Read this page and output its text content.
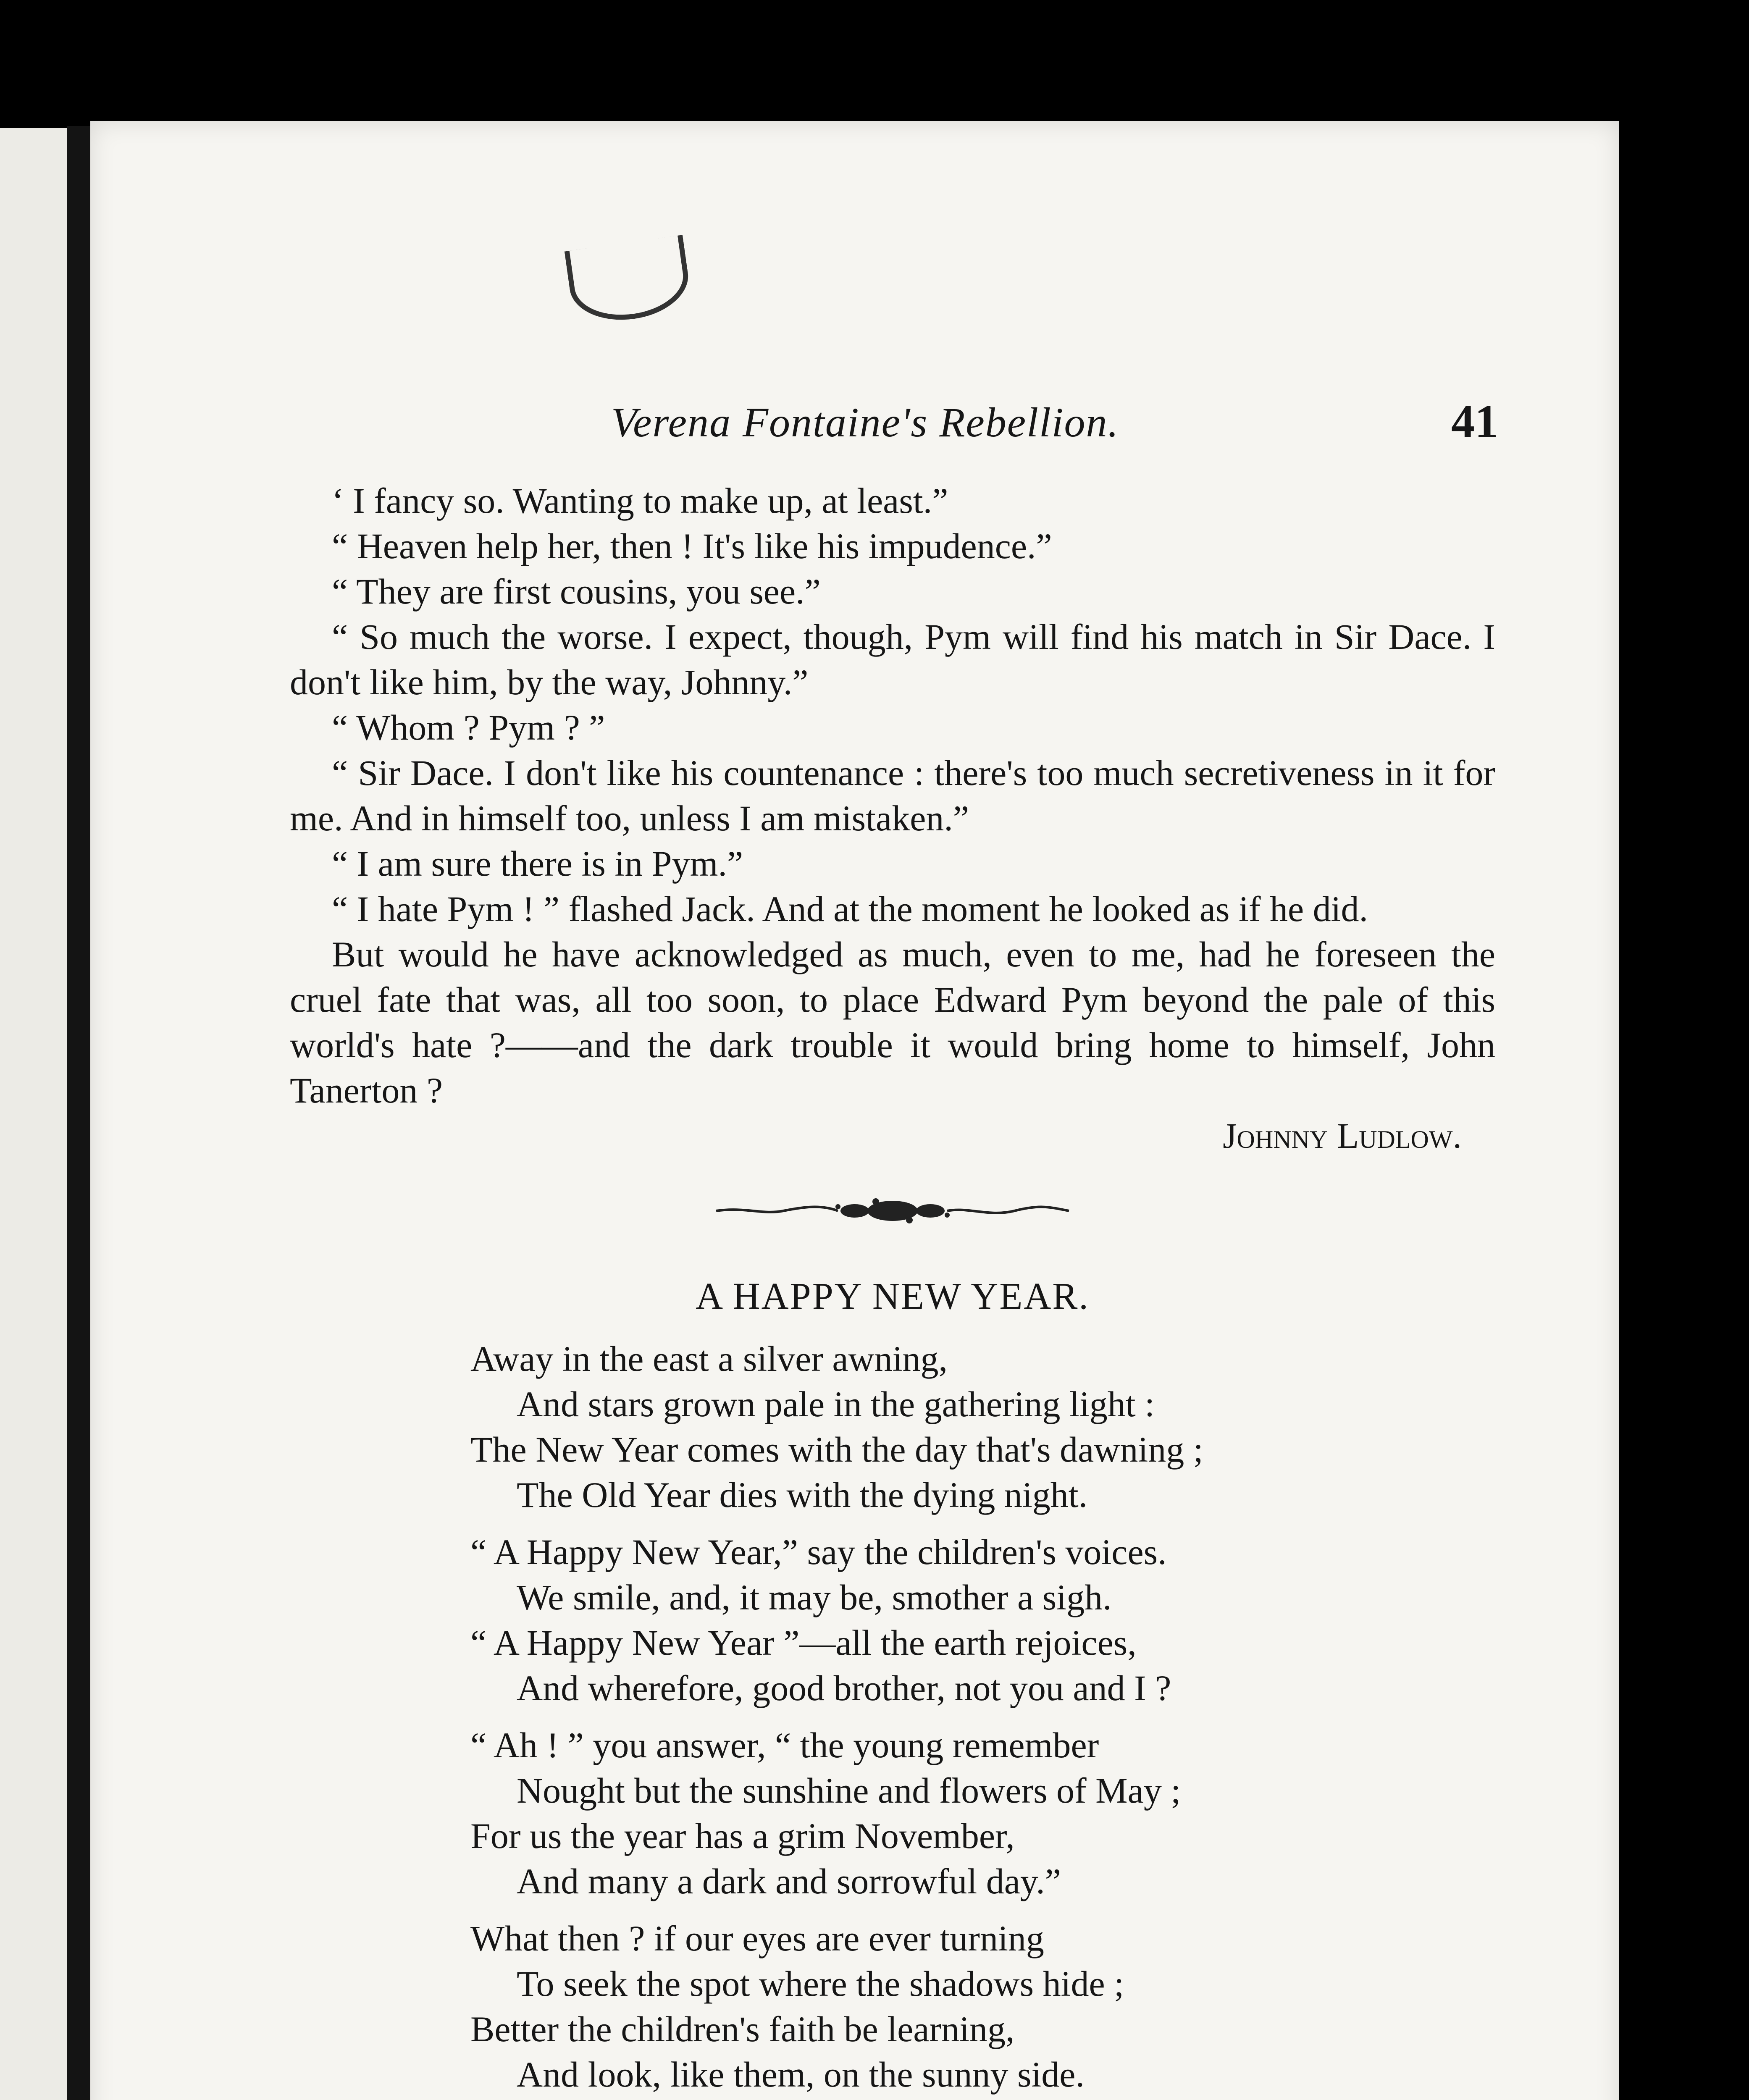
Verena Fontaine's Rebellion.	41

‘ I fancy so. Wanting to make up, at least.”

“ Heaven help her, then ! It's like his impudence.”

“ They are first cousins, you see.”

“ So much the worse. I expect, though, Pym will find his match in Sir Dace. I don't like him, by the way, Johnny.”

“ Whom ? Pym ? ”

“ Sir Dace. I don't like his countenance : there's too much secretiveness in it for me. And in himself too, unless I am mistaken.”

“ I am sure there is in Pym.”

“ I hate Pym ! ” flashed Jack. And at the moment he looked as if he did.

But would he have acknowledged as much, even to me, had he foreseen the cruel fate that was, all too soon, to place Edward Pym beyond the pale of this world's hate ?——and the dark trouble it would bring home to himself, John Tanerton ?

Johnny Ludlow.

A HAPPY NEW YEAR.

Away in the east a silver awning,

And stars grown pale in the gathering light :

The New Year comes with the day that's dawning ;

The Old Year dies with the dying night.

“ A Happy New Year,” say the children's voices.

We smile, and, it may be, smother a sigh.

“ A Happy New Year ”—all the earth rejoices,

And wherefore, good brother, not you and I ?

“ Ah ! ” you answer, “ the young remember

Nought but the sunshine and flowers of May ;

For us the year has a grim November,

And many a dark and sorrowful day.”

What then ? if our eyes are ever turning

To seek the spot where the shadows hide ;

Better the children's faith be learning,

And look, like them, on the sunny side.
